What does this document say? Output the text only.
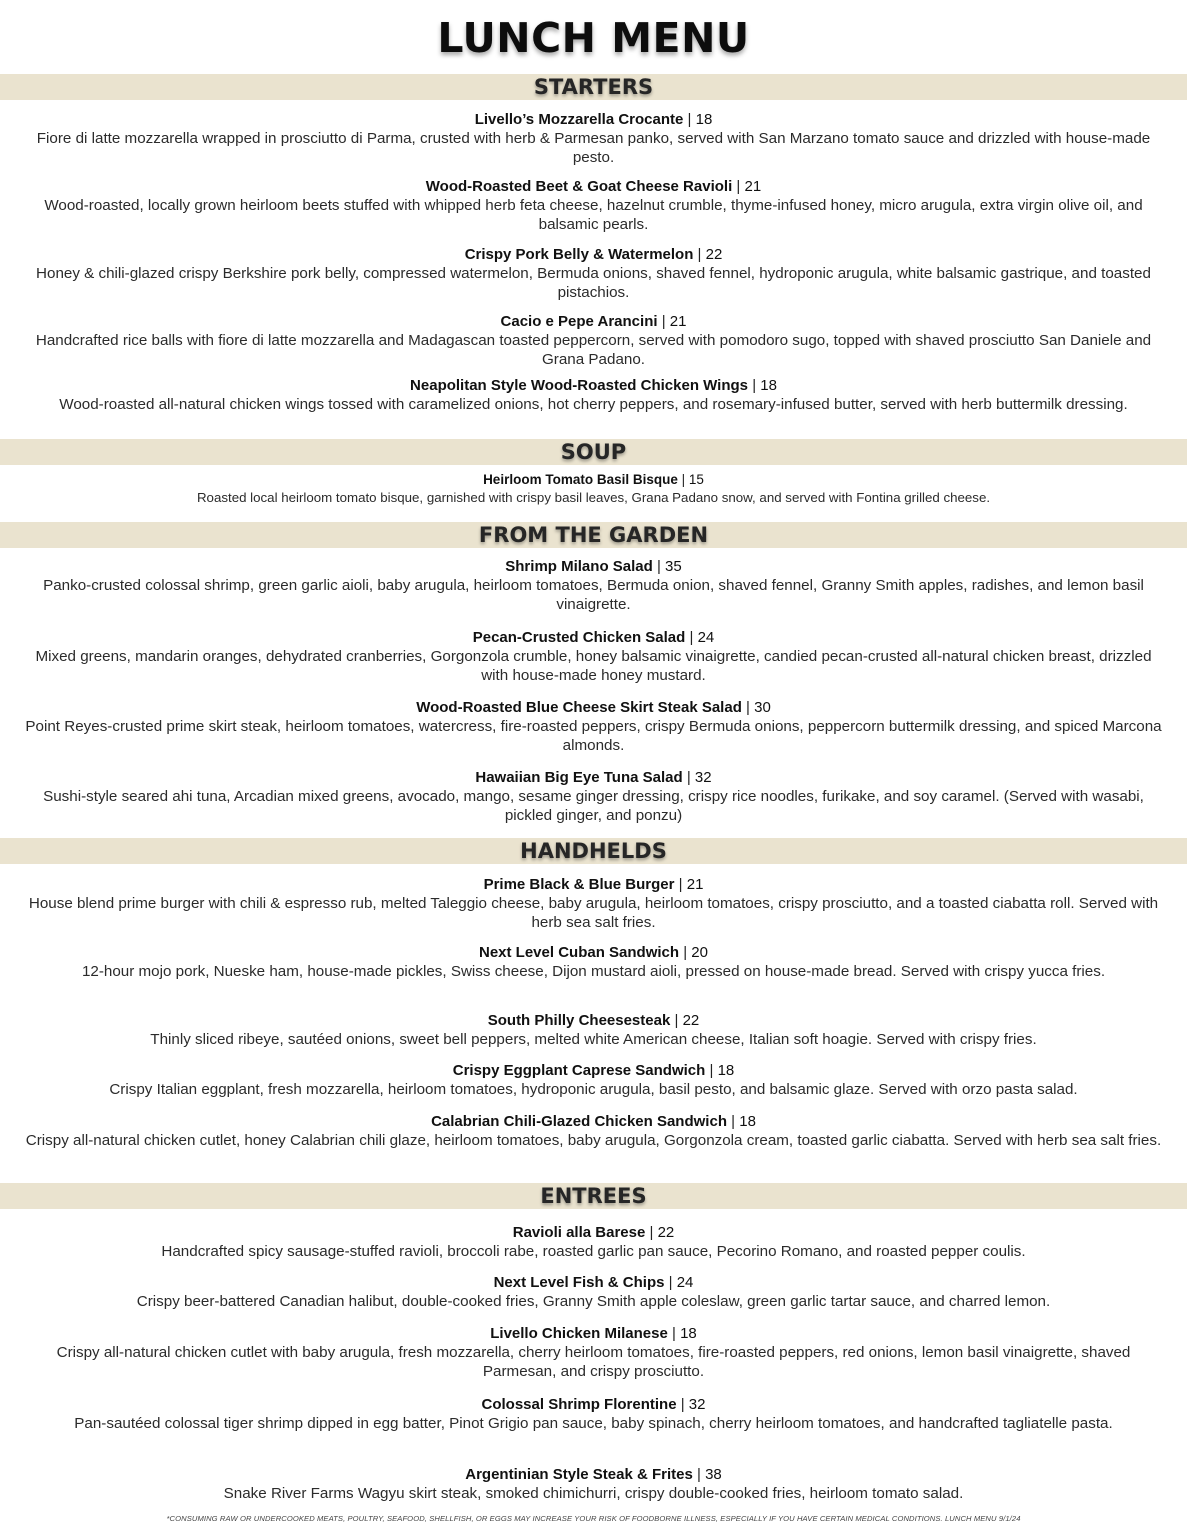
LUNCH MENU
STARTERS
Livello’s Mozzarella Crocante | 18
Fiore di latte mozzarella wrapped in prosciutto di Parma, crusted with herb & Parmesan panko, served with San Marzano tomato sauce and drizzled with house-made pesto.
Wood-Roasted Beet & Goat Cheese Ravioli | 21
Wood-roasted, locally grown heirloom beets stuffed with whipped herb feta cheese, hazelnut crumble, thyme-infused honey, micro arugula, extra virgin olive oil, and balsamic pearls.
Crispy Pork Belly & Watermelon | 22
Honey & chili-glazed crispy Berkshire pork belly, compressed watermelon, Bermuda onions, shaved fennel, hydroponic arugula, white balsamic gastrique, and toasted pistachios.
Cacio e Pepe Arancini | 21
Handcrafted rice balls with fiore di latte mozzarella and Madagascan toasted peppercorn, served with pomodoro sugo, topped with shaved prosciutto San Daniele and Grana Padano.
Neapolitan Style Wood-Roasted Chicken Wings | 18
Wood-roasted all-natural chicken wings tossed with caramelized onions, hot cherry peppers, and rosemary-infused butter, served with herb buttermilk dressing.
SOUP
Heirloom Tomato Basil Bisque | 15
Roasted local heirloom tomato bisque, garnished with crispy basil leaves, Grana Padano snow, and served with Fontina grilled cheese.
FROM THE GARDEN
Shrimp Milano Salad | 35
Panko-crusted colossal shrimp, green garlic aioli, baby arugula, heirloom tomatoes, Bermuda onion, shaved fennel, Granny Smith apples, radishes, and lemon basil vinaigrette.
Pecan-Crusted Chicken Salad | 24
Mixed greens, mandarin oranges, dehydrated cranberries, Gorgonzola crumble, honey balsamic vinaigrette, candied pecan-crusted all-natural chicken breast, drizzled with house-made honey mustard.
Wood-Roasted Blue Cheese Skirt Steak Salad | 30
Point Reyes-crusted prime skirt steak, heirloom tomatoes, watercress, fire-roasted peppers, crispy Bermuda onions, peppercorn buttermilk dressing, and spiced Marcona almonds.
Hawaiian Big Eye Tuna Salad | 32
Sushi-style seared ahi tuna, Arcadian mixed greens, avocado, mango, sesame ginger dressing, crispy rice noodles, furikake, and soy caramel. (Served with wasabi, pickled ginger, and ponzu)
HANDHELDS
Prime Black & Blue Burger | 21
House blend prime burger with chili & espresso rub, melted Taleggio cheese, baby arugula, heirloom tomatoes, crispy prosciutto, and a toasted ciabatta roll. Served with herb sea salt fries.
Next Level Cuban Sandwich | 20
12-hour mojo pork, Nueske ham, house-made pickles, Swiss cheese, Dijon mustard aioli, pressed on house-made bread. Served with crispy yucca fries.
South Philly Cheesesteak | 22
Thinly sliced ribeye, sautéed onions, sweet bell peppers, melted white American cheese, Italian soft hoagie. Served with crispy fries.
Crispy Eggplant Caprese Sandwich | 18
Crispy Italian eggplant, fresh mozzarella, heirloom tomatoes, hydroponic arugula, basil pesto, and balsamic glaze. Served with orzo pasta salad.
Calabrian Chili-Glazed Chicken Sandwich | 18
Crispy all-natural chicken cutlet, honey Calabrian chili glaze, heirloom tomatoes, baby arugula, Gorgonzola cream, toasted garlic ciabatta. Served with herb sea salt fries.
ENTREES
Ravioli alla Barese | 22
Handcrafted spicy sausage-stuffed ravioli, broccoli rabe, roasted garlic pan sauce, Pecorino Romano, and roasted pepper coulis.
Next Level Fish & Chips | 24
Crispy beer-battered Canadian halibut, double-cooked fries, Granny Smith apple coleslaw, green garlic tartar sauce, and charred lemon.
Livello Chicken Milanese | 18
Crispy all-natural chicken cutlet with baby arugula, fresh mozzarella, cherry heirloom tomatoes, fire-roasted peppers, red onions, lemon basil vinaigrette, shaved Parmesan, and crispy prosciutto.
Colossal Shrimp Florentine | 32
Pan-sautéed colossal tiger shrimp dipped in egg batter, Pinot Grigio pan sauce, baby spinach, cherry heirloom tomatoes, and handcrafted tagliatelle pasta.
Argentinian Style Steak & Frites | 38
Snake River Farms Wagyu skirt steak, smoked chimichurri, crispy double-cooked fries, heirloom tomato salad.
*CONSUMING RAW OR UNDERCOOKED MEATS, POULTRY, SEAFOOD, SHELLFISH, OR EGGS MAY INCREASE YOUR RISK OF FOODBORNE ILLNESS, ESPECIALLY IF YOU HAVE CERTAIN MEDICAL CONDITIONS. LUNCH MENU 9/1/24
